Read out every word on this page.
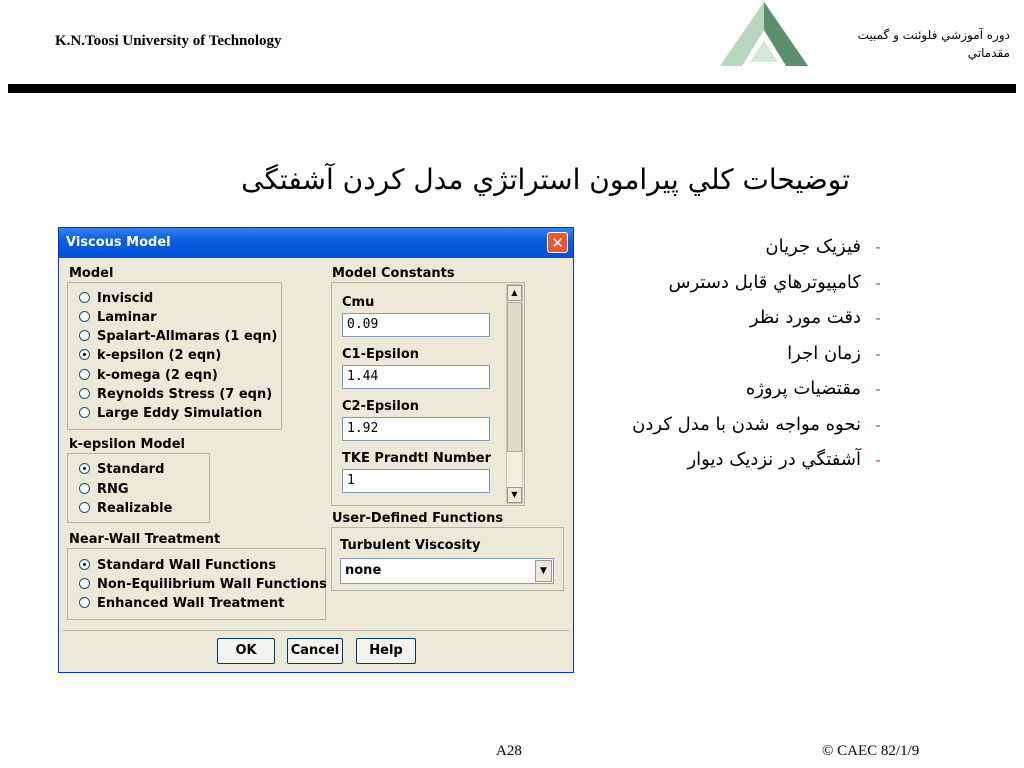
K.N.Toosi University of Technology	دوره آموزشي فلوئنت و گمبيت
مقدماتي
توضيحات کلي پيرامون استراتژي مدل کردن آشفتگی
-فيزيک جريان
-کامپيوترهاي قابل دسترس
-دقت مورد نظر
-زمان اجرا
-مقتضيات پروژه
-نحوه مواجه شدن با مدل کردن
-آشفتگي در نزديک ديوار
Viscous Model	✕
Model
Inviscid
Laminar
Spalart-Allmaras (1 eqn)
k-epsilon (2 eqn)
k-omega (2 eqn)
Reynolds Stress (7 eqn)
Large Eddy Simulation
k-epsilon Model
Standard
RNG
Realizable
Near-Wall Treatment
Standard Wall Functions
Non-Equilibrium Wall Functions
Enhanced Wall Treatment
Model Constants
Cmu
0.09
C1-Epsilon
1.44
C2-Epsilon
1.92
TKE Prandtl Number
1
▲
▼
User-Defined Functions
Turbulent Viscosity
none	▼
OK	Cancel	Help
A28	© CAEC 82/1/9
